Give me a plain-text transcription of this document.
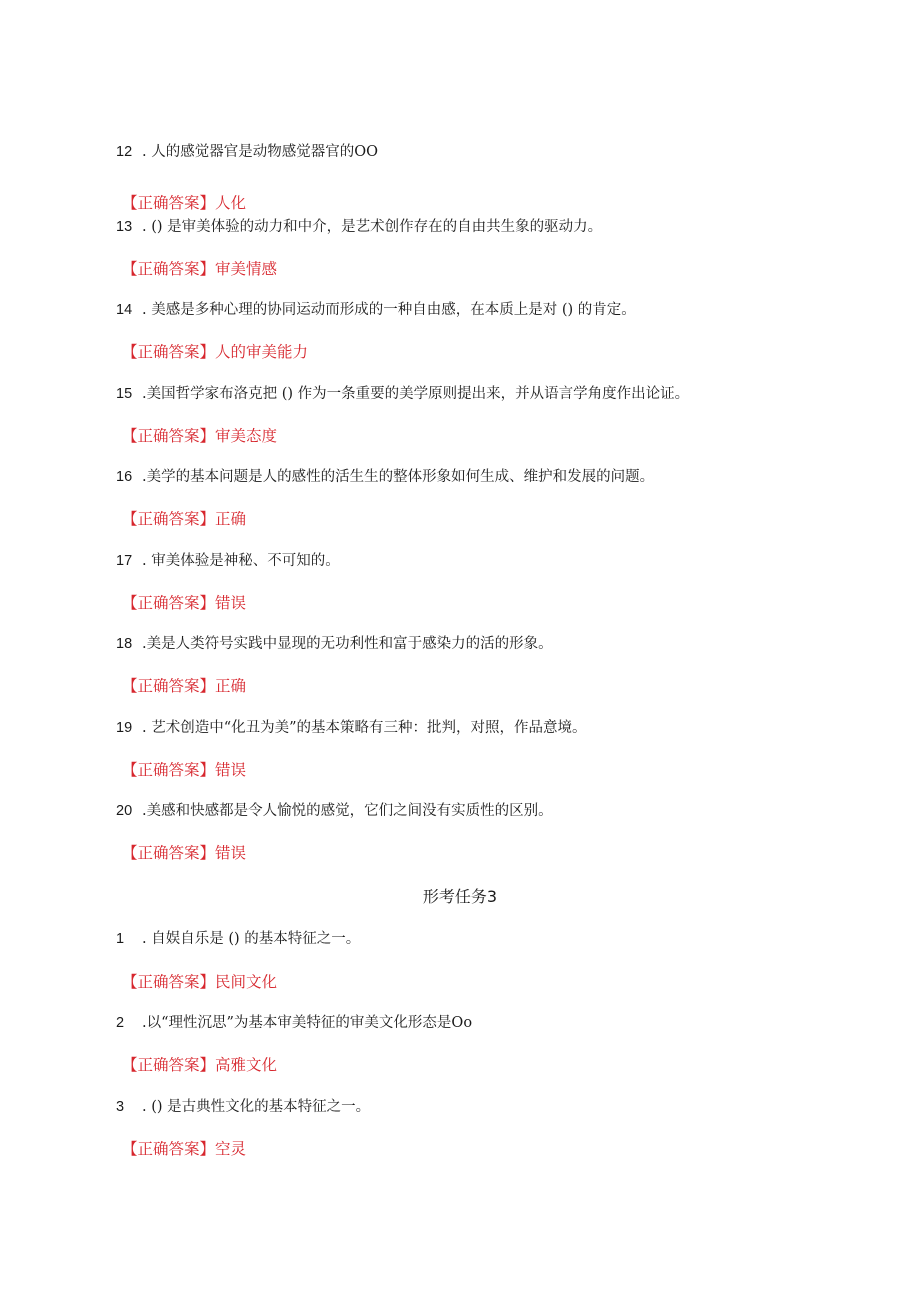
12 . 人的感觉器官是动物感觉器官的OO
【正确答案】人化
13 . () 是审美体验的动力和中介，是艺术创作存在的自由共生象的驱动力。
【正确答案】审美情感
14 . 美感是多种心理的协同运动而形成的一种自由感，在本质上是对 () 的肯定。
【正确答案】人的审美能力
15 .美国哲学家布洛克把 () 作为一条重要的美学原则提出来，并从语言学角度作出论证。
【正确答案】审美态度
16 .美学的基本问题是人的感性的活生生的整体形象如何生成、维护和发展的问题。
【正确答案】正确
17 . 审美体验是神秘、不可知的。
【正确答案】错误
18 .美是人类符号实践中显现的无功利性和富于感染力的活的形象。
【正确答案】正确
19 . 艺术创造中“化丑为美”的基本策略有三种：批判，对照，作品意境。
【正确答案】错误
20 .美感和快感都是令人愉悦的感觉，它们之间没有实质性的区别。
【正确答案】错误
形考任务3
1 . 自娱自乐是 () 的基本特征之一。
【正确答案】民间文化
2 .以“理性沉思”为基本审美特征的审美文化形态是Oo
【正确答案】高雅文化
3 . () 是古典性文化的基本特征之一。
【正确答案】空灵
